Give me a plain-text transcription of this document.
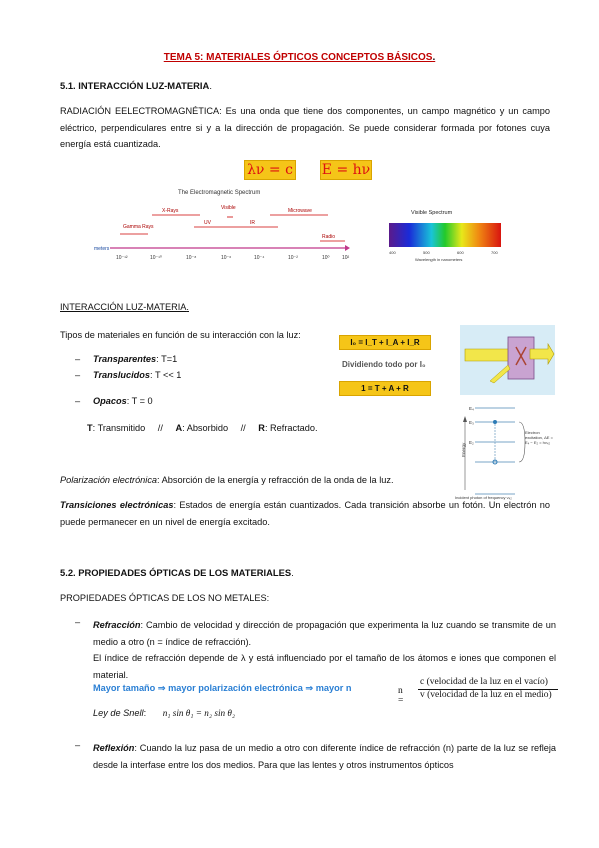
TEMA 5: MATERIALES ÓPTICOS CONCEPTOS BÁSICOS.
5.1. INTERACCIÓN LUZ-MATERIA.
RADIACIÓN EELECTROMAGNÉTICA: Es una onda que tiene dos componentes, un campo magnético y un campo eléctrico, perpendiculares entre si y a la dirección de propagación. Se puede considerar formada por fotones cuya energía está cuantizada.
λν = c E = hν
The Electromagnetic Spectrum
Gamma Rays
X-Rays
UV
Visible
IR
Microwave
Radio
meters
10⁻¹²	10⁻¹⁰	10⁻⁸	10⁻⁶	10⁻⁴	10⁻²	10⁰ 10²
Visible Spectrum
400	500	600	700
Wavelength in nanometers
INTERACCIÓN LUZ-MATERIA.
Tipos de materiales en función de su interacción con la luz:
– Transparentes: T=1
– Translucidos: T << 1
– Opacos: T = 0
T: Transmitido // A: Absorbido // R: Refractado.
I₀ = I_T + I_A + I_R
Dividiendo todo por I₀
1 = T + A + R
Energy
E₄
E₃
E₂
Electron excitation, ΔE = E₄ − E₂ = hν₄₂
Incident photon of frequency ν₄₂
Polarización electrónica: Absorción de la energía y refracción de la onda de la luz.
Transiciones electrónicas: Estados de energía están cuantizados. Cada transición absorbe un fotón. Un electrón no puede permanecer en un nivel de energía excitado.
5.2. PROPIEDADES ÓPTICAS DE LOS MATERIALES.
PROPIEDADES ÓPTICAS DE LOS NO METALES:
– Refracción: Cambio de velocidad y dirección de propagación que experimenta la luz cuando se transmite de un medio a otro (n = índice de refracción).
El índice de refracción depende de λ y está influenciado por el tamaño de los átomos e iones que componen el material.
Mayor tamaño ⇒ mayor polarización electrónica ⇒ mayor n	n =
c (velocidad de la luz en el vacío)
v (velocidad de la luz en el medio)
Ley de Snell: n₁ sin θ₁ = n₂ sin θ₂
– Reflexión: Cuando la luz pasa de un medio a otro con diferente índice de refracción (n) parte de la luz se refleja desde la interfase entre los dos medios. Para que las lentes y otros instrumentos ópticos
